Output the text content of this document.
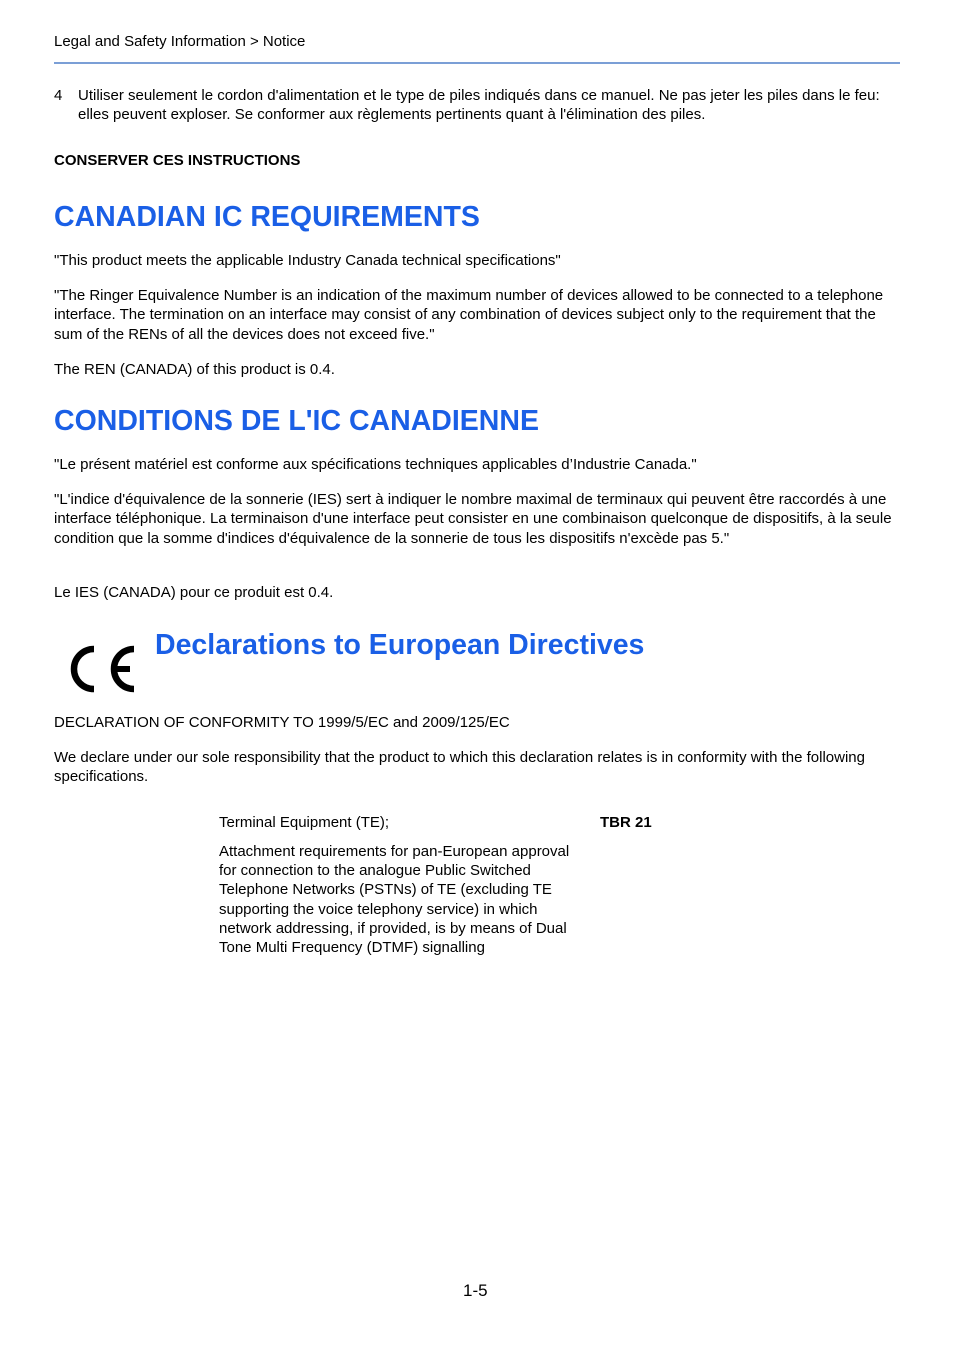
Legal and Safety Information > Notice
4 Utiliser seulement le cordon d'alimentation et le type de piles indiqués dans ce manuel. Ne pas jeter les piles dans le feu: elles peuvent exploser. Se conformer aux règlements pertinents quant à l'élimination des piles.
CONSERVER CES INSTRUCTIONS
CANADIAN IC REQUIREMENTS
"This product meets the applicable Industry Canada technical specifications"
"The Ringer Equivalence Number is an indication of the maximum number of devices allowed to be connected to a telephone interface. The termination on an interface may consist of any combination of devices subject only to the requirement that the sum of the RENs of all the devices does not exceed five."
The REN (CANADA) of this product is 0.4.
CONDITIONS DE L'IC CANADIENNE
"Le présent matériel est conforme aux spécifications techniques applicables d’Industrie Canada."
"L'indice d'équivalence de la sonnerie (IES) sert à indiquer le nombre maximal de terminaux qui peuvent être raccordés à une interface téléphonique. La terminaison d'une interface peut consister en une combinaison quelconque de dispositifs, à la seule condition que la somme d'indices d'équivalence de la sonnerie de tous les dispositifs n'excède pas 5."
Le IES (CANADA) pour ce produit est 0.4.
Declarations to European Directives
DECLARATION OF CONFORMITY TO 1999/5/EC and 2009/125/EC
We declare under our sole responsibility that the product to which this declaration relates is in conformity with the following specifications.
Terminal Equipment (TE);	TBR 21
Attachment requirements for pan-European approval for connection to the analogue Public Switched Telephone Networks (PSTNs) of TE (excluding TE supporting the voice telephony service) in which network addressing, if provided, is by means of Dual Tone Multi Frequency (DTMF) signalling
1-5
